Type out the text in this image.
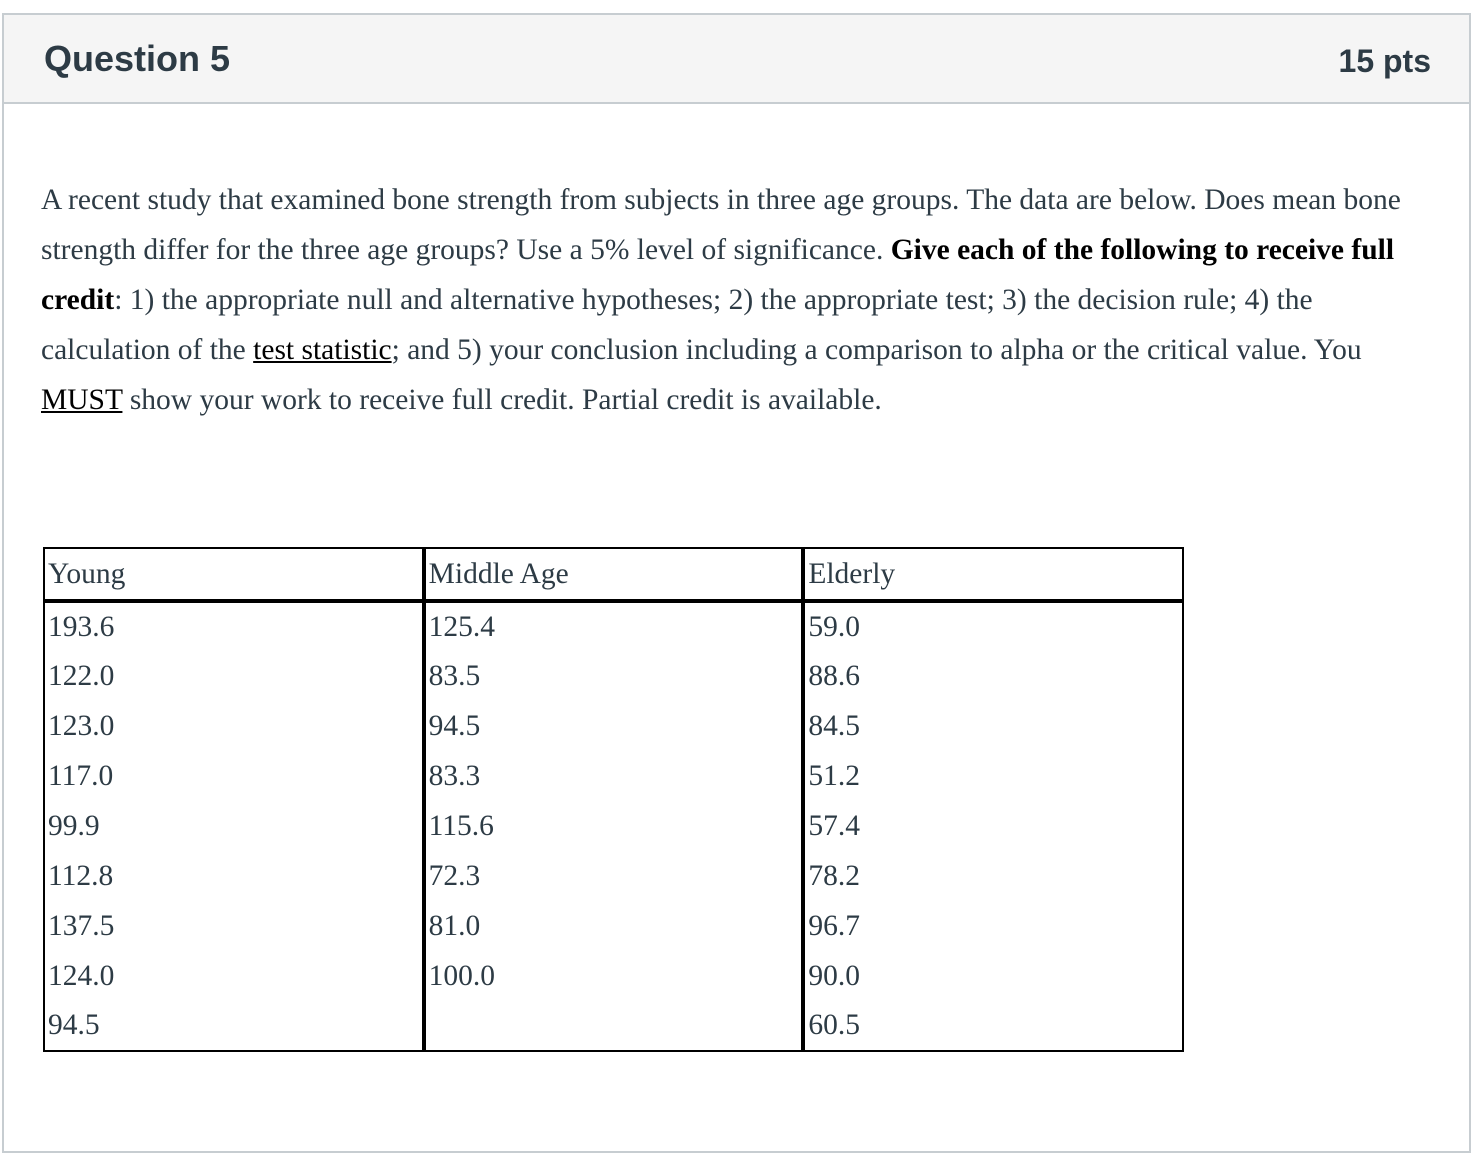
Question 5	15 pts
A recent study that examined bone strength from subjects in three age groups. The data are below. Does mean bone strength differ for the three age groups? Use a 5% level of significance. Give each of the following to receive full credit: 1) the appropriate null and alternative hypotheses; 2) the appropriate test; 3) the decision rule; 4) the calculation of the test statistic; and 5) your conclusion including a comparison to alpha or the critical value. You MUST show your work to receive full credit. Partial credit is available.
Young	Middle Age	Elderly
193.6	125.4	59.0
122.0	83.5	88.6
123.0	94.5	84.5
117.0	83.3	51.2
99.9	115.6	57.4
112.8	72.3	78.2
137.5	81.0	96.7
124.0	100.0	90.0
94.5		60.5
